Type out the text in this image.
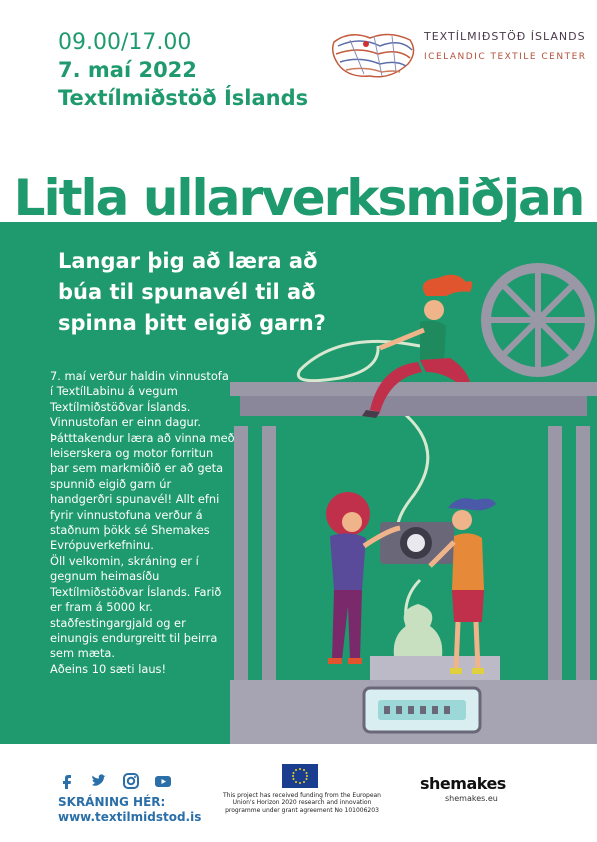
09.00/17.00
7. maí 2022
Textílmiðstöð Íslands
TEXTÍLMIÐSTÖÐ ÍSLANDS
ICELANDIC TEXTILE CENTER
Litla ullarverksmiðjan
Langar þig að læra að búa til spunavél til að spinna þitt eigið garn?

7. maí verður haldin vinnustofa í TextílLabinu á vegum Textílmiðstöðvar Íslands. Vinnustofan er einn dagur. Þátttakendur læra að vinna með leiserskera og motor forritun þar sem markmiðið er að geta spunnið eigið garn úr handgerðri spunavél! Allt efni fyrir vinnustofuna verður á staðnum þökk sé Shemakes Evrópuverkefninu.

Öll velkomin, skráning er í gegnum heimasíðu Textílmiðstöðvar Íslands. Farið er fram á 5000 kr. staðfestingargjald og er einungis endurgreitt til þeirra sem mæta.

Aðeins 10 sæti laus!

SKRÁNING HÉR:
www.textilmidstod.is
This project has received funding from the European Union's Horizon 2020 research and innovation programme under grant agreement No 101006203
shemakes
shemakes.eu
